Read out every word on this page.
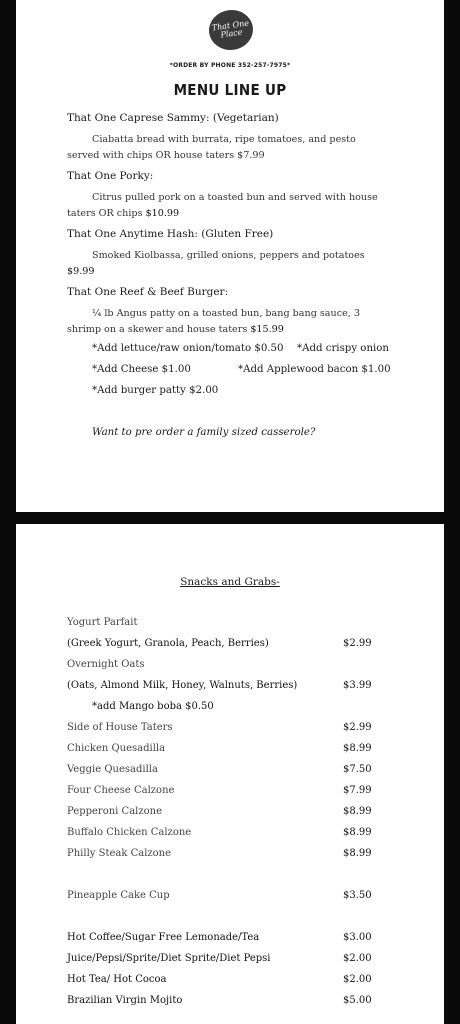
That One Place
*ORDER BY PHONE 352-257-7975*
MENU LINE UP
That One Caprese Sammy: (Vegetarian)
Ciabatta bread with burrata, ripe tomatoes, and pesto served with chips OR house taters $7.99
That One Porky:
Citrus pulled pork on a toasted bun and served with house taters OR chips $10.99
That One Anytime Hash: (Gluten Free)
Smoked Kiolbassa, grilled onions, peppers and potatoes $9.99
That One Reef & Beef Burger:
¼ lb Angus patty on a toasted bun, bang bang sauce, 3 shrimp on a skewer and house taters $15.99
*Add lettuce/raw onion/tomato $0.50 *Add crispy onion
*Add Cheese $1.00	*Add Applewood bacon $1.00
*Add burger patty $2.00
Want to pre order a family sized casserole?
Snacks and Grabs-
Yogurt Parfait
(Greek Yogurt, Granola, Peach, Berries)	$2.99
Overnight Oats
(Oats, Almond Milk, Honey, Walnuts, Berries)	$3.99
*add Mango boba $0.50
Side of House Taters	$2.99
Chicken Quesadilla	$8.99
Veggie Quesadilla	$7.50
Four Cheese Calzone	$7.99
Pepperoni Calzone	$8.99
Buffalo Chicken Calzone	$8.99
Philly Steak Calzone	$8.99
Pineapple Cake Cup	$3.50
Hot Coffee/Sugar Free Lemonade/Tea	$3.00
Juice/Pepsi/Sprite/Diet Sprite/Diet Pepsi	$2.00
Hot Tea/ Hot Cocoa	$2.00
Brazilian Virgin Mojito	$5.00
